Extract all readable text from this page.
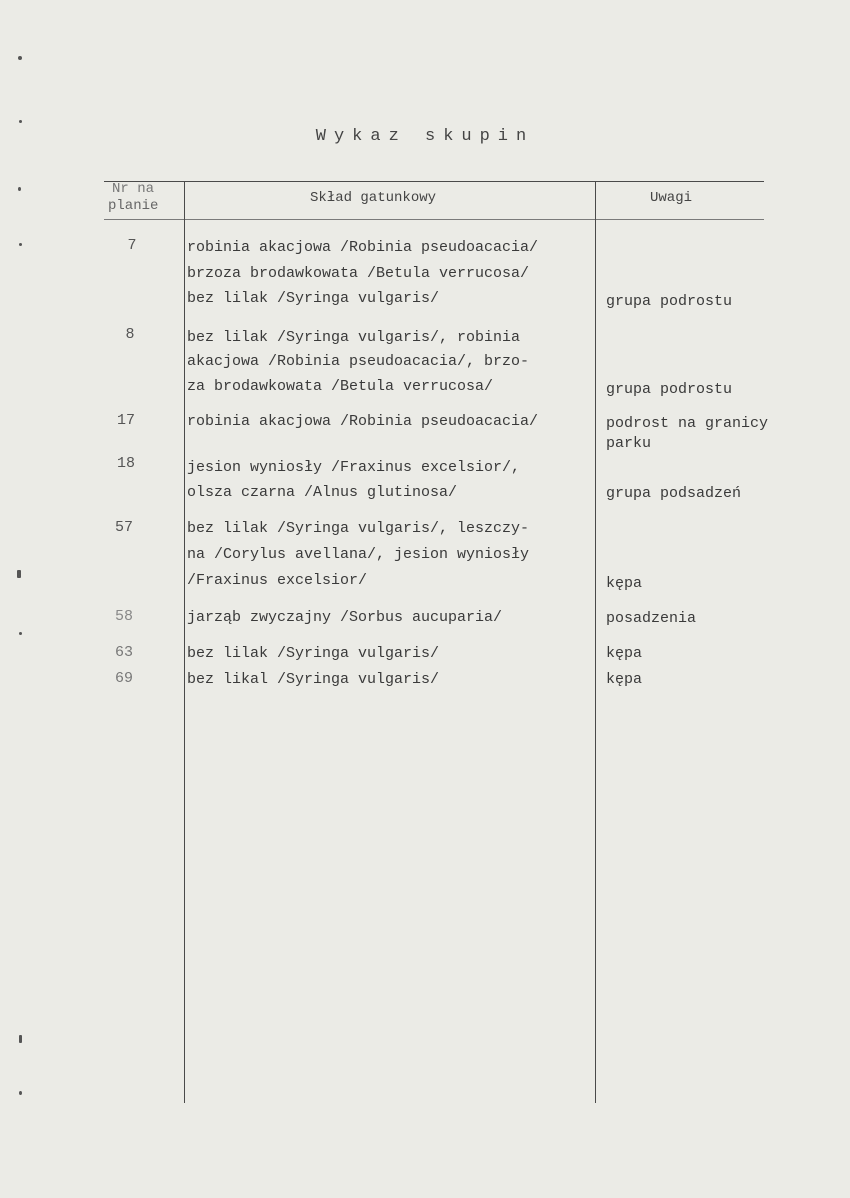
Wykaz skupin
Nr na
planie	Skład gatunkowy	Uwagi
7	robinia akacjowa /Robinia pseudoacacia/
brzoza brodawkowata /Betula verrucosa/
bez lilak /Syringa vulgaris/	grupa podrostu
8	bez lilak /Syringa vulgaris/, robinia
akacjowa /Robinia pseudoacacia/, brzo-
za brodawkowata /Betula verrucosa/	grupa podrostu
17	robinia akacjowa /Robinia pseudoacacia/	podrost na granicy
parku
18	jesion wyniosły /Fraxinus excelsior/,
olsza czarna /Alnus glutinosa/	grupa podsadzeń
57	bez lilak /Syringa vulgaris/, leszczy-
na /Corylus avellana/, jesion wyniosły
/Fraxinus excelsior/	kępa
58	jarząb zwyczajny /Sorbus aucuparia/	posadzenia
63	bez lilak /Syringa vulgaris/	kępa
69	bez likal /Syringa vulgaris/	kępa
